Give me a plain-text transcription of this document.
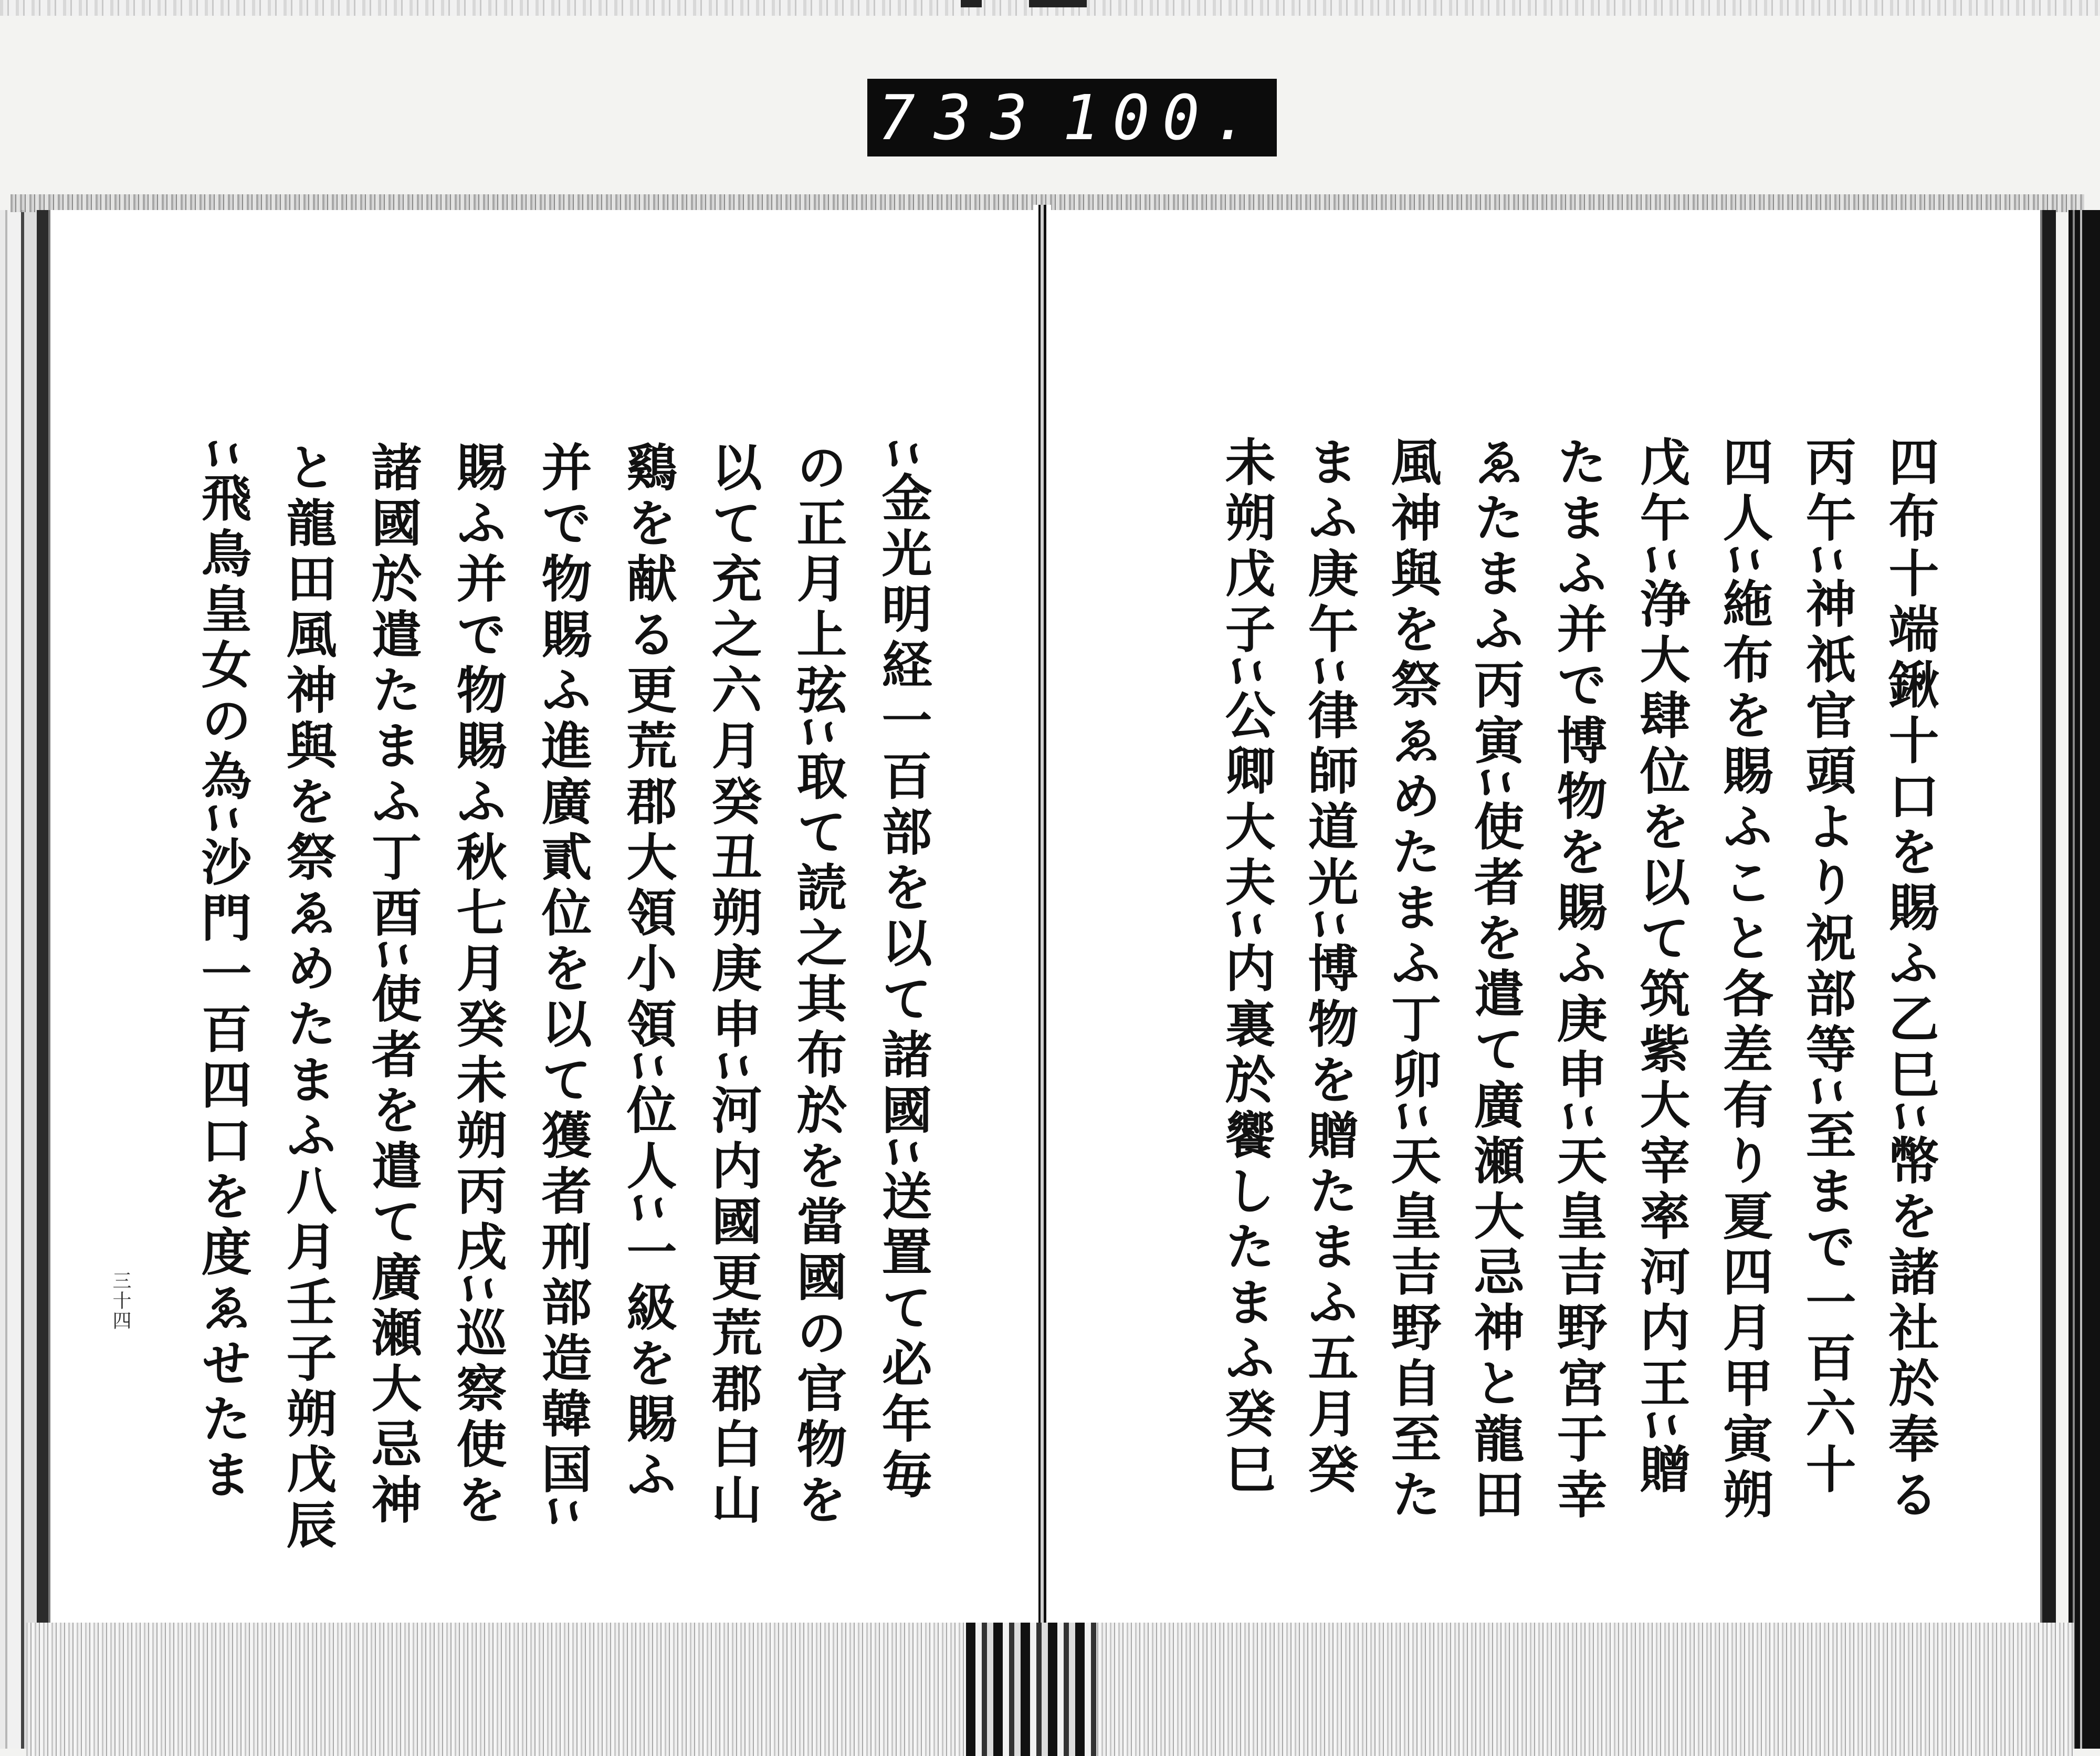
733 100.
三十四	ﾆ金光明経一百部を以て諸國ﾆ送置て必年毎
の正月上弦ﾆ取て読之其布於を當國の官物を
以て充之六月癸丑朔庚申ﾆ河内國更荒郡白山
鷄を献る更荒郡大領小領ﾆ位人ﾆ一級を賜ふ
并で物賜ふ進廣貳位を以て獲者刑部造韓国ﾆ
賜ふ并で物賜ふ秋七月癸未朔丙戌ﾆ巡察使を
諸國於遣たまふ丁酉ﾆ使者を遣て廣瀬大忌神
と龍田風神與を祭ゑめたまふ八月壬子朔戊辰
ﾆ飛鳥皇女の為ﾆ沙門一百四口を度ゑせたま	四布十端鍬十口を賜ふ乙巳ﾆ幣を諸社於奉る
丙午ﾆ神祇官頭より祝部等ﾆ至まで一百六十
四人ﾆ絁布を賜ふこと各差有り夏四月甲寅朔
戊午ﾆ浄大肆位を以て筑紫大宰率河内王ﾆ贈
たまふ并で博物を賜ふ庚申ﾆ天皇吉野宮于幸
ゑたまふ丙寅ﾆ使者を遣て廣瀬大忌神と龍田
風神與を祭ゑめたまふ丁卯ﾆ天皇吉野自至た
まふ庚午ﾆ律師道光ﾆ博物を贈たまふ五月癸
未朔戊子ﾆ公卿大夫ﾆ内裏於饗したまふ癸巳
